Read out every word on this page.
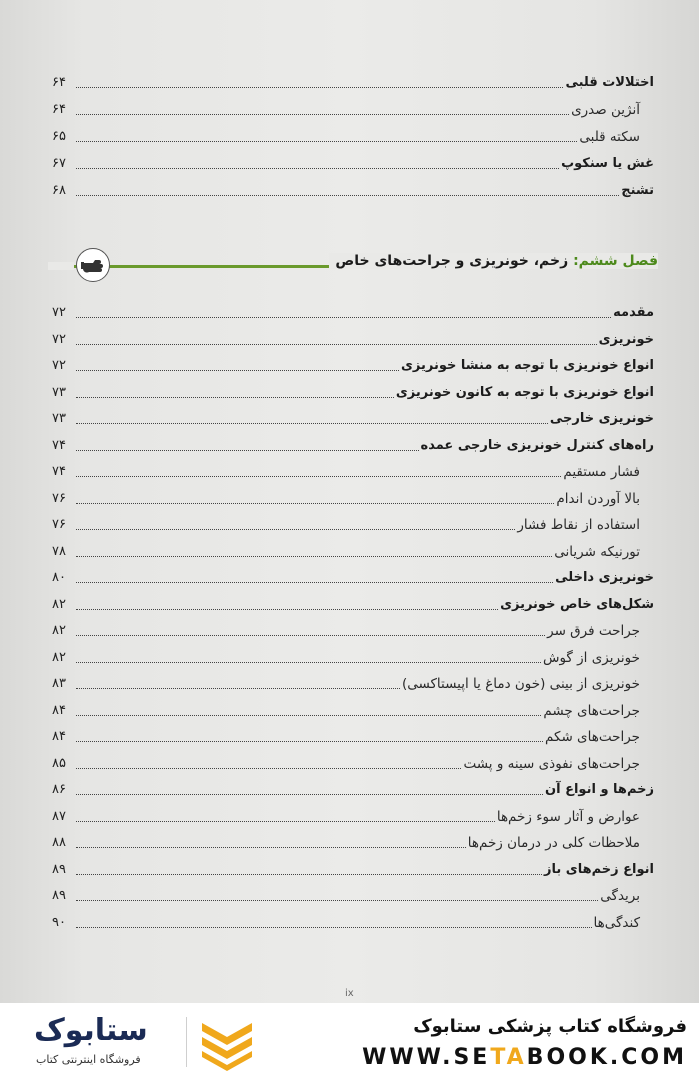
اختلالات قلبی
۶۴
آنژین صدری
۶۴
سکته قلبی
۶۵
غش یا سنکوپ
۶۷
تشنج
۶۸
فصل ششم: زخم، خونریزی و جراحت‌های خاص
مقدمه
۷۲
خونریزی
۷۲
انواع خونریزی با توجه به منشا خونریزی
۷۲
انواع خونریزی با توجه به کانون خونریزی
۷۳
خونریزی خارجی
۷۳
راه‌های کنترل خونریزی خارجی عمده
۷۴
فشار مستقیم
۷۴
بالا آوردن اندام
۷۶
استفاده از نقاط فشار
۷۶
تورنیکه شریانی
۷۸
خونریزی داخلی
۸۰
شکل‌های خاص خونریزی
۸۲
جراحت فرق سر
۸۲
خونریزی از گوش
۸۲
خونریزی از بینی (خون دماغ یا اپیستاکسی)
۸۳
جراحت‌های چشم
۸۴
جراحت‌های شکم
۸۴
جراحت‌های نفوذی سینه و پشت
۸۵
زخم‌ها و انواع آن
۸۶
عوارض و آثار سوء زخم‌ها
۸۷
ملاحظات کلی در درمان زخم‌ها
۸۸
انواع زخم‌های باز
۸۹
بریدگی
۸۹
کندگی‌ها
۹۰
ix
فروشگاه کتاب پزشکی ستابوک
WWW.SETABOOK.COM
ستابوک
فروشگاه اینترنتی کتاب
